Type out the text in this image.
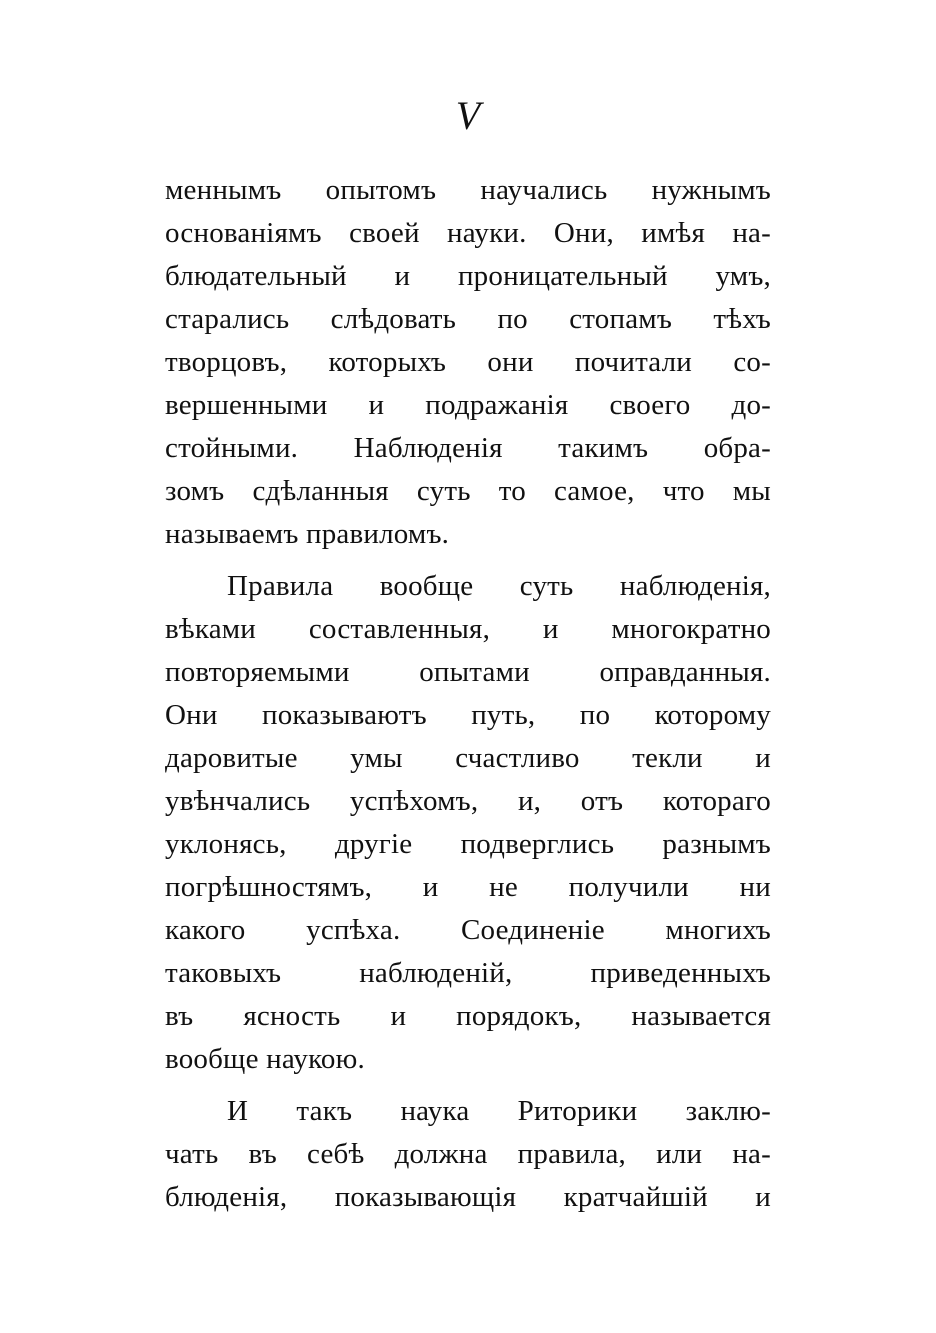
V
меннымъ опытомъ научались нужнымъ
основаніямъ своей науки. Они, имѣя на-
блюдательный и проницательный умъ,
старались слѣдовать по стопамъ тѣхъ
творцовъ, которыхъ они почитали со-
вершенными и подражанія своего до-
стойными. Наблюденія такимъ обра-
зомъ сдѣланныя суть то самое, что мы
называемъ правиломъ.
Правила вообще суть наблюденія,
вѣками составленныя, и многократно
повторяемыми опытами оправданныя.
Они показываютъ путь, по которому
даровитые умы счастливо текли и
увѣнчались успѣхомъ, и, отъ котораго
уклонясь, другіе подверглись разнымъ
погрѣшностямъ, и не получили ни
какого успѣха. Соединеніе многихъ
таковыхъ наблюденій, приведенныхъ
въ ясность и порядокъ, называется
вообще наукою.
И такъ наука Риторики заклю-
чать въ себѣ должна правила, или на-
блюденія, показывающія кратчайшій и
